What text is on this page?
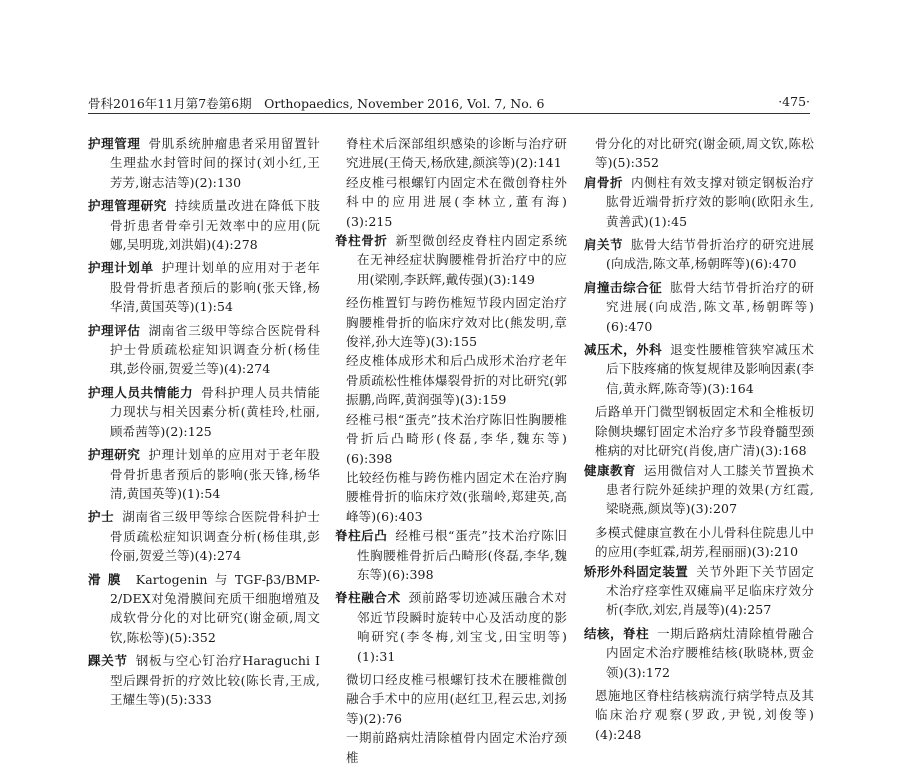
骨科2016年11月第7卷第6期　Orthopaedics, November 2016, Vol. 7, No. 6	·475·

护理管理 骨肌系统肿瘤患者采用留置针生理盐水封管时间的探讨(刘小红,王芳芳,谢志洁等)(2):130

护理管理研究 持续质量改进在降低下肢骨折患者骨牵引无效率中的应用(阮娜,吴明珑,刘洪娟)(4):278

护理计划单 护理计划单的应用对于老年股骨骨折患者预后的影响(张天锋,杨华清,黄国英等)(1):54

护理评估 湖南省三级甲等综合医院骨科护士骨质疏松症知识调查分析(杨佳琪,彭伶丽,贺爱兰等)(4):274

护理人员共情能力 骨科护理人员共情能力现状与相关因素分析(黄桂玲,杜丽,顾希茜等)(2):125

护理研究 护理计划单的应用对于老年股骨骨折患者预后的影响(张天锋,杨华清,黄国英等)(1):54

护士 湖南省三级甲等综合医院骨科护士骨质疏松症知识调查分析(杨佳琪,彭伶丽,贺爱兰等)(4):274

滑膜 Kartogenin与TGF-β3/BMP-2/DEX对兔滑膜间充质干细胞增殖及成软骨分化的对比研究(谢金硕,周文钦,陈松等)(5):352

踝关节 钢板与空心钉治疗Haraguchi Ⅰ型后踝骨折的疗效比较(陈长青,王成,王耀生等)(5):333

脊柱术后深部组织感染的诊断与治疗研究进展(王倚天,杨欣建,颜滨等)(2):141

经皮椎弓根螺钉内固定术在微创脊柱外科中的应用进展(李林立,董有海)(3):215

脊柱骨折 新型微创经皮脊柱内固定系统在无神经症状胸腰椎骨折治疗中的应用(梁刚,李跃辉,戴传强)(3):149

经伤椎置钉与跨伤椎短节段内固定治疗胸腰椎骨折的临床疗效对比(熊发明,章俊祥,孙大连等)(3):155

经皮椎体成形术和后凸成形术治疗老年骨质疏松性椎体爆裂骨折的对比研究(郭振鹏,尚晖,黄润强等)(3):159

经椎弓根“蛋壳”技术治疗陈旧性胸腰椎骨折后凸畸形(佟磊,李华,魏东等)(6):398

比较经伤椎与跨伤椎内固定术在治疗胸腰椎骨折的临床疗效(张瑞岭,郑建英,高峰等)(6):403

脊柱后凸 经椎弓根“蛋壳”技术治疗陈旧性胸腰椎骨折后凸畸形(佟磊,李华,魏东等)(6):398

脊柱融合术 颈前路零切迹减压融合术对邻近节段瞬时旋转中心及活动度的影响研究(李冬梅,刘宝戈,田宝明等)(1):31

微切口经皮椎弓根螺钉技术在腰椎微创融合手术中的应用(赵红卫,程云忠,刘扬等)(2):76

一期前路病灶清除植骨内固定术治疗颈椎

骨分化的对比研究(谢金硕,周文钦,陈松等)(5):352

肩骨折 内侧柱有效支撑对锁定钢板治疗肱骨近端骨折疗效的影响(欧阳永生,黄善武)(1):45

肩关节 肱骨大结节骨折治疗的研究进展(向成浩,陈文革,杨朝晖等)(6):470

肩撞击综合征 肱骨大结节骨折治疗的研究进展(向成浩,陈文革,杨朝晖等)(6):470

减压术，外科 退变性腰椎管狭窄减压术后下肢疼痛的恢复规律及影响因素(李信,黄永辉,陈奇等)(3):164

后路单开门微型钢板固定术和全椎板切除侧块螺钉固定术治疗多节段脊髓型颈椎病的对比研究(肖俊,唐广清)(3):168

健康教育 运用微信对人工膝关节置换术患者行院外延续护理的效果(方红霞,梁晓燕,颜岚等)(3):207

多模式健康宣教在小儿骨科住院患儿中的应用(李虹霖,胡芳,程丽丽)(3):210

矫形外科固定装置 关节外距下关节固定术治疗痉挛性双瘫扁平足临床疗效分析(李欣,刘宏,肖晟等)(4):257

结核，脊柱 一期后路病灶清除植骨融合内固定术治疗腰椎结核(耿晓林,贾金领)(3):172

恩施地区脊柱结核病流行病学特点及其临床治疗观察(罗政,尹锐,刘俊等)(4):248
